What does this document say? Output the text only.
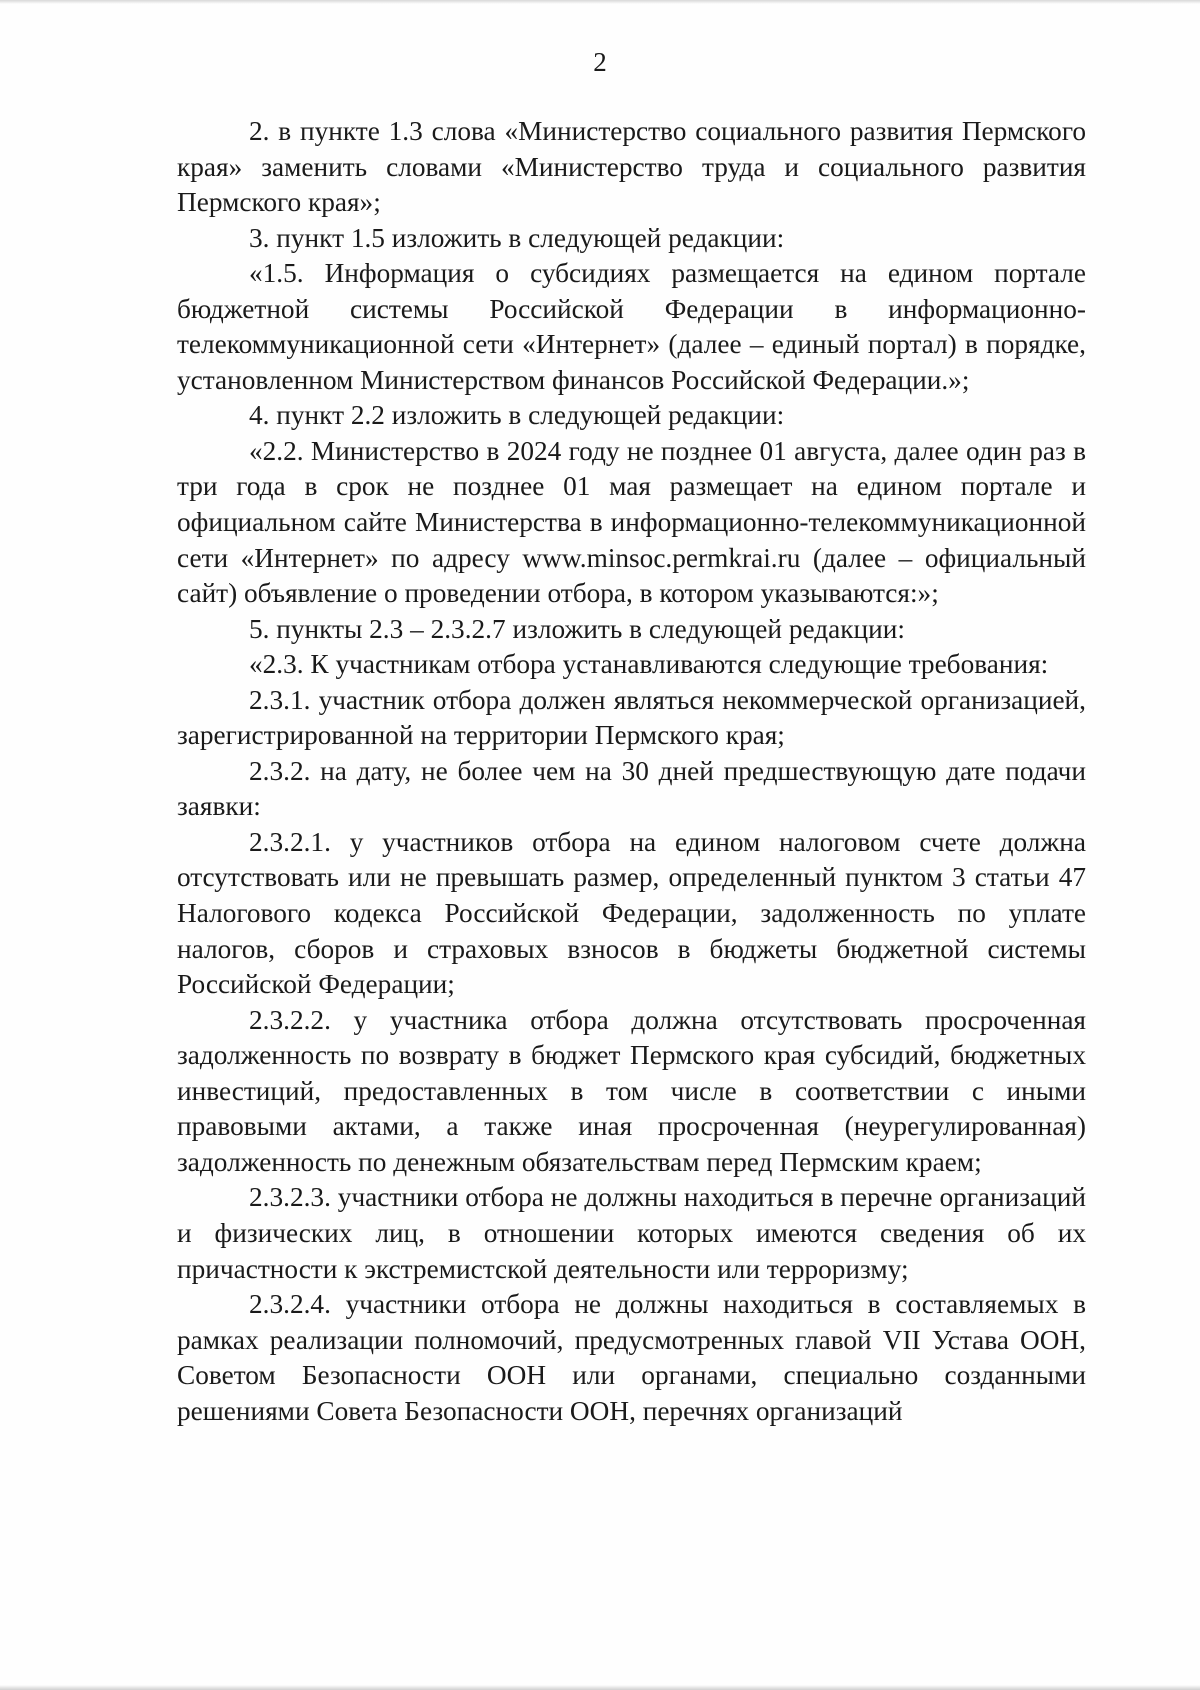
2

2. в пункте 1.3 слова «Министерство социального развития Пермского края» заменить словами «Министерство труда и социального развития Пермского края»;

3. пункт 1.5 изложить в следующей редакции:

«1.5. Информация о субсидиях размещается на едином портале бюджетной системы Российской Федерации в информационно-телекоммуникационной сети «Интернет» (далее – единый портал) в порядке, установленном Министерством финансов Российской Федерации.»;

4. пункт 2.2 изложить в следующей редакции:

«2.2. Министерство в 2024 году не позднее 01 августа, далее один раз в три года в срок не позднее 01 мая размещает на едином портале и официальном сайте Министерства в информационно-телекоммуникационной сети «Интернет» по адресу www.minsoc.permkrai.ru (далее – официальный сайт) объявление о проведении отбора, в котором указываются:»;

5. пункты 2.3 – 2.3.2.7 изложить в следующей редакции:

«2.3. К участникам отбора устанавливаются следующие требования:

2.3.1. участник отбора должен являться некоммерческой организацией, зарегистрированной на территории Пермского края;

2.3.2. на дату, не более чем на 30 дней предшествующую дате подачи заявки:

2.3.2.1. у участников отбора на едином налоговом счете должна отсутствовать или не превышать размер, определенный пунктом 3 статьи 47 Налогового кодекса Российской Федерации, задолженность по уплате налогов, сборов и страховых взносов в бюджеты бюджетной системы Российской Федерации;

2.3.2.2. у участника отбора должна отсутствовать просроченная задолженность по возврату в бюджет Пермского края субсидий, бюджетных инвестиций, предоставленных в том числе в соответствии с иными правовыми актами, а также иная просроченная (неурегулированная) задолженность по денежным обязательствам перед Пермским краем;

2.3.2.3. участники отбора не должны находиться в перечне организаций и физических лиц, в отношении которых имеются сведения об их причастности к экстремистской деятельности или терроризму;

2.3.2.4. участники отбора не должны находиться в составляемых в рамках реализации полномочий, предусмотренных главой VII Устава ООН, Советом Безопасности ООН или органами, специально созданными решениями Совета Безопасности ООН, перечнях организаций
